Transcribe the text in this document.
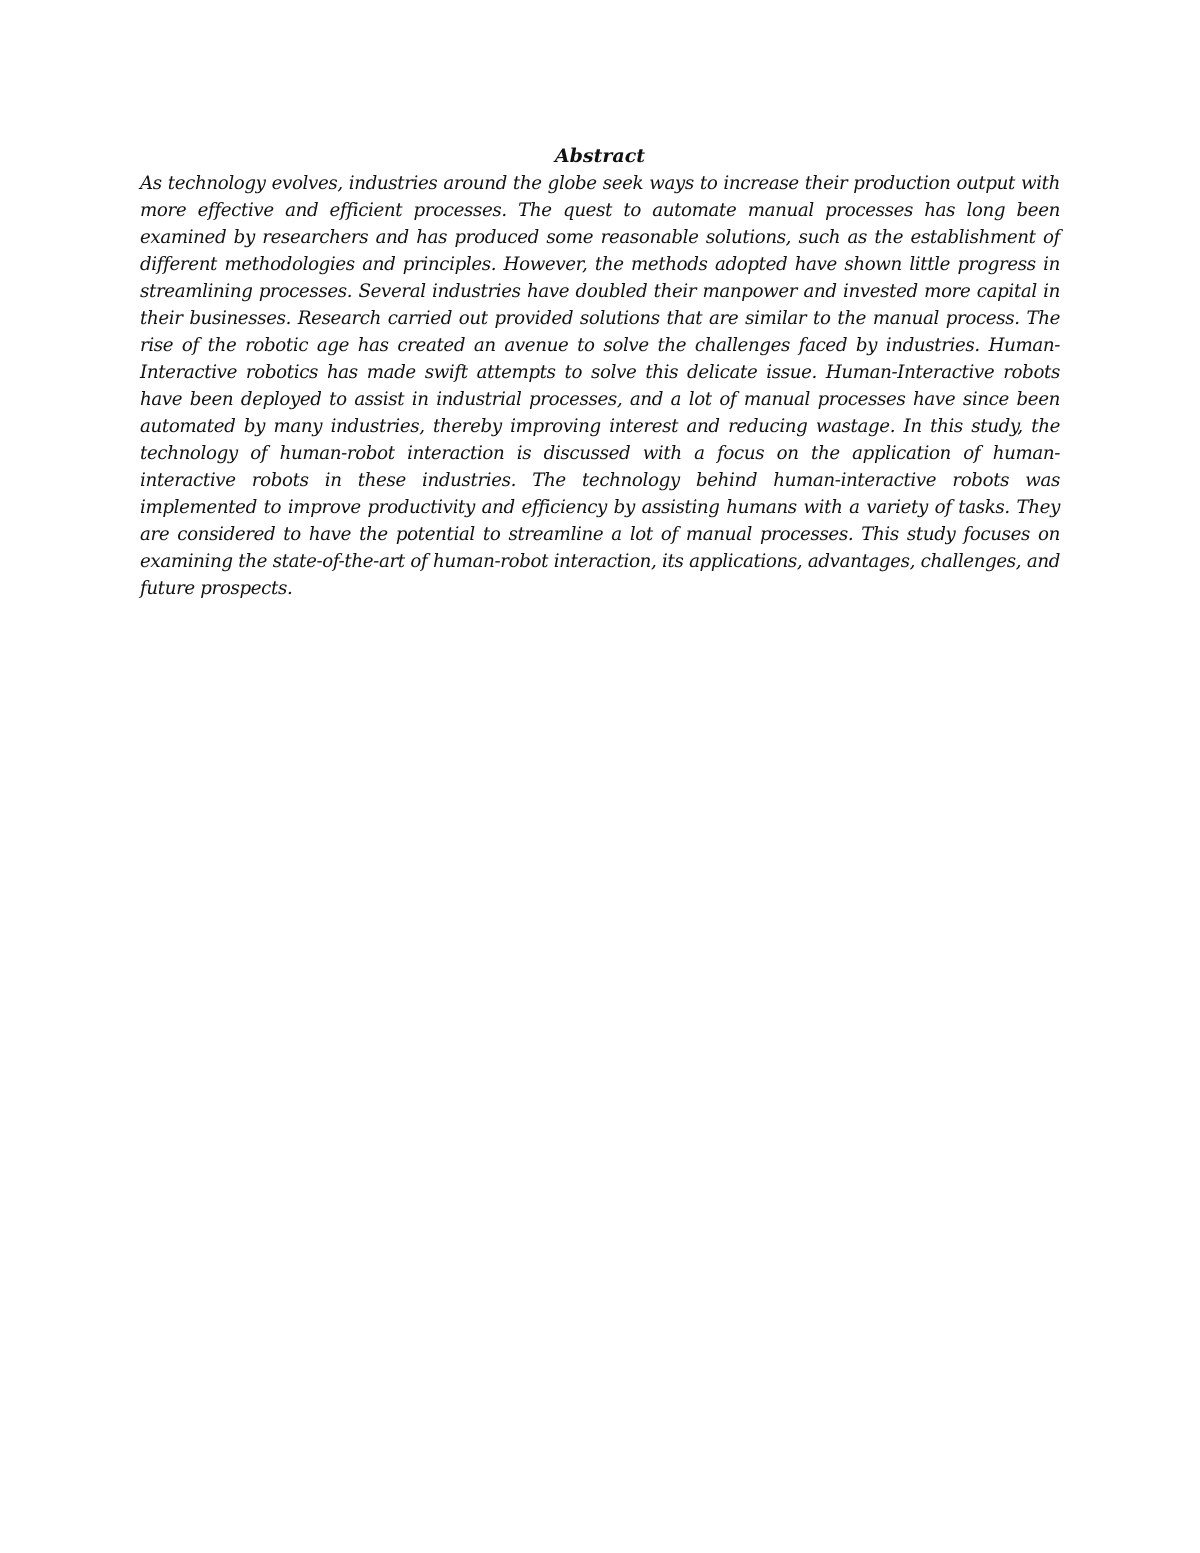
Abstract

As technology evolves, industries around the globe seek ways to increase their production output with more effective and efficient processes. The quest to automate manual processes has long been examined by researchers and has produced some reasonable solutions, such as the establishment of different methodologies and principles. However, the methods adopted have shown little progress in streamlining processes. Several industries have doubled their manpower and invested more capital in their businesses. Research carried out provided solutions that are similar to the manual process. The rise of the robotic age has created an avenue to solve the challenges faced by industries. Human-Interactive robotics has made swift attempts to solve this delicate issue. Human-Interactive robots have been deployed to assist in industrial processes, and a lot of manual processes have since been automated by many industries, thereby improving interest and reducing wastage. In this study, the technology of human-robot interaction is discussed with a focus on the application of human-interactive robots in these industries. The technology behind human-interactive robots was implemented to improve productivity and efficiency by assisting humans with a variety of tasks. They are considered to have the potential to streamline a lot of manual processes. This study focuses on examining the state-of-the-art of human-robot interaction, its applications, advantages, challenges, and future prospects.
